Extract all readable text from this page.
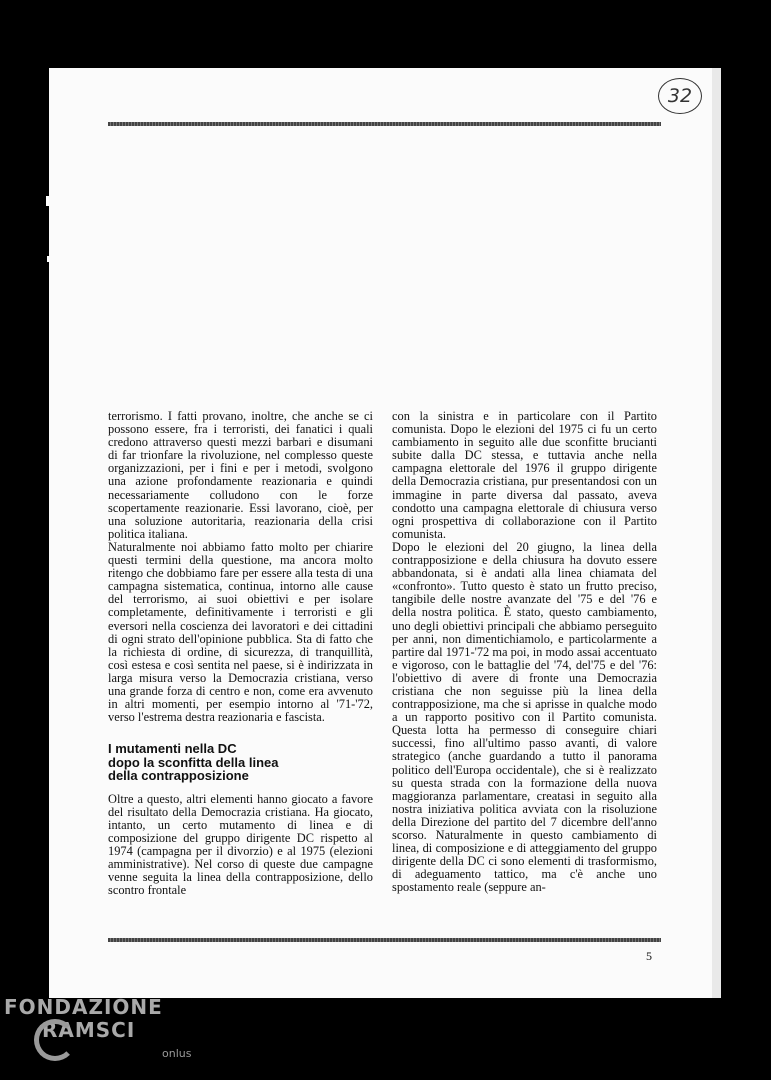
32

terrorismo. I fatti provano, inoltre, che anche se ci possono essere, fra i terroristi, dei fanatici i quali credono attraverso questi mezzi barbari e disumani di far trionfare la rivoluzione, nel complesso queste organizzazioni, per i fini e per i metodi, svolgono una azione profondamente reazionaria e quindi necessariamente colludono con le forze scopertamente reazionarie. Essi lavorano, cioè, per una soluzione autoritaria, reazionaria della crisi politica italiana.

Naturalmente noi abbiamo fatto molto per chiarire questi termini della questione, ma ancora molto ritengo che dobbiamo fare per essere alla testa di una campagna sistematica, continua, intorno alle cause del terrorismo, ai suoi obiettivi e per isolare completamente, definitivamente i terroristi e gli eversori nella coscienza dei lavoratori e dei cittadini di ogni strato dell'opinione pubblica. Sta di fatto che la richiesta di ordine, di sicurezza, di tranquillità, così estesa e così sentita nel paese, si è indirizzata in larga misura verso la Democrazia cristiana, verso una grande forza di centro e non, come era avvenuto in altri momenti, per esempio intorno al '71-'72, verso l'estrema destra reazionaria e fascista.

I mutamenti nella DC
dopo la sconfitta della linea
della contrapposizione

Oltre a questo, altri elementi hanno giocato a favore del risultato della Democrazia cristiana. Ha giocato, intanto, un certo mutamento di linea e di composizione del gruppo dirigente DC rispetto al 1974 (campagna per il divorzio) e al 1975 (elezioni amministrative). Nel corso di queste due campagne venne seguita la linea della contrapposizione, dello scontro frontale

con la sinistra e in particolare con il Partito comunista. Dopo le elezioni del 1975 ci fu un certo cambiamento in seguito alle due sconfitte brucianti subite dalla DC stessa, e tuttavia anche nella campagna elettorale del 1976 il gruppo dirigente della Democrazia cristiana, pur presentandosi con un immagine in parte diversa dal passato, aveva condotto una campagna elettorale di chiusura verso ogni prospettiva di collaborazione con il Partito comunista.

Dopo le elezioni del 20 giugno, la linea della contrapposizione e della chiusura ha dovuto essere abbandonata, si è andati alla linea chiamata del «confronto». Tutto questo è stato un frutto preciso, tangibile delle nostre avanzate del '75 e del '76 e della nostra politica. È stato, questo cambiamento, uno degli obiettivi principali che abbiamo perseguito per anni, non dimentichiamolo, e particolarmente a partire dal 1971-'72 ma poi, in modo assai accentuato e vigoroso, con le battaglie del '74, del'75 e del '76: l'obiettivo di avere di fronte una Democrazia cristiana che non seguisse più la linea della contrapposizione, ma che si aprisse in qualche modo a un rapporto positivo con il Partito comunista. Questa lotta ha permesso di conseguire chiari successi, fino all'ultimo passo avanti, di valore strategico (anche guardando a tutto il panorama politico dell'Europa occidentale), che si è realizzato su questa strada con la formazione della nuova maggioranza parlamentare, creatasi in seguito alla nostra iniziativa politica avviata con la risoluzione della Direzione del partito del 7 dicembre dell'anno scorso. Naturalmente in questo cambiamento di linea, di composizione e di atteggiamento del gruppo dirigente della DC ci sono elementi di trasformismo, di adeguamento tattico, ma c'è anche uno spostamento reale (seppure an-

5
FONDAZIONE
RAMSCI
onlus
